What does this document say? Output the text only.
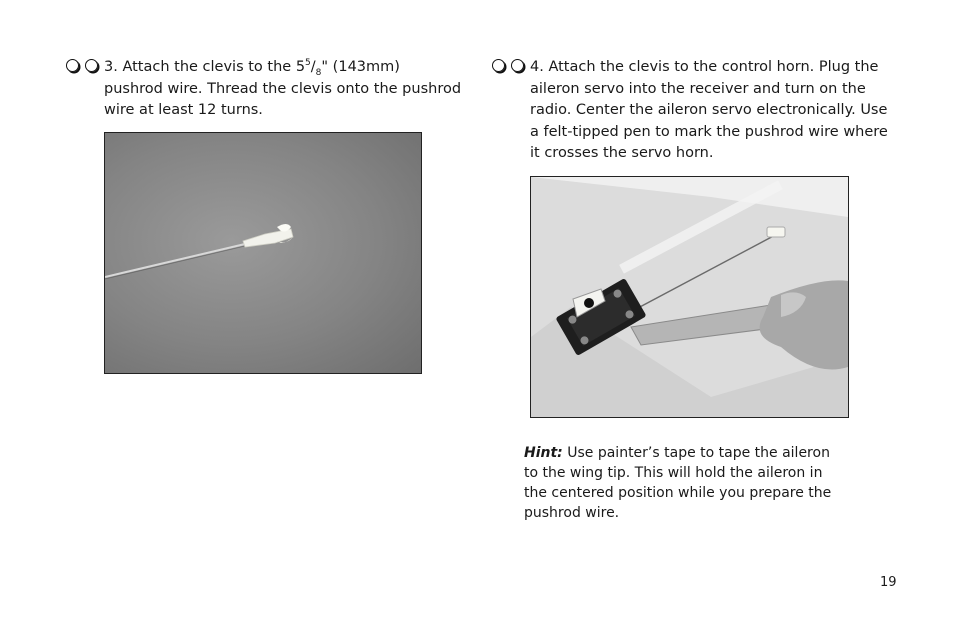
3. Attach the clevis to the $5^5/_8$" (143mm)
pushrod wire. Thread the clevis onto the pushrod
wire at least 12 turns.
4. Attach the clevis to the control horn. Plug the
aileron servo into the receiver and turn on the
radio. Center the aileron servo electronically. Use
a felt-tipped pen to mark the pushrod wire where
it crosses the servo horn.
Hint: Use painter’s tape to tape the aileron
to the wing tip. This will hold the aileron in
the centered position while you prepare the
pushrod wire.
19
